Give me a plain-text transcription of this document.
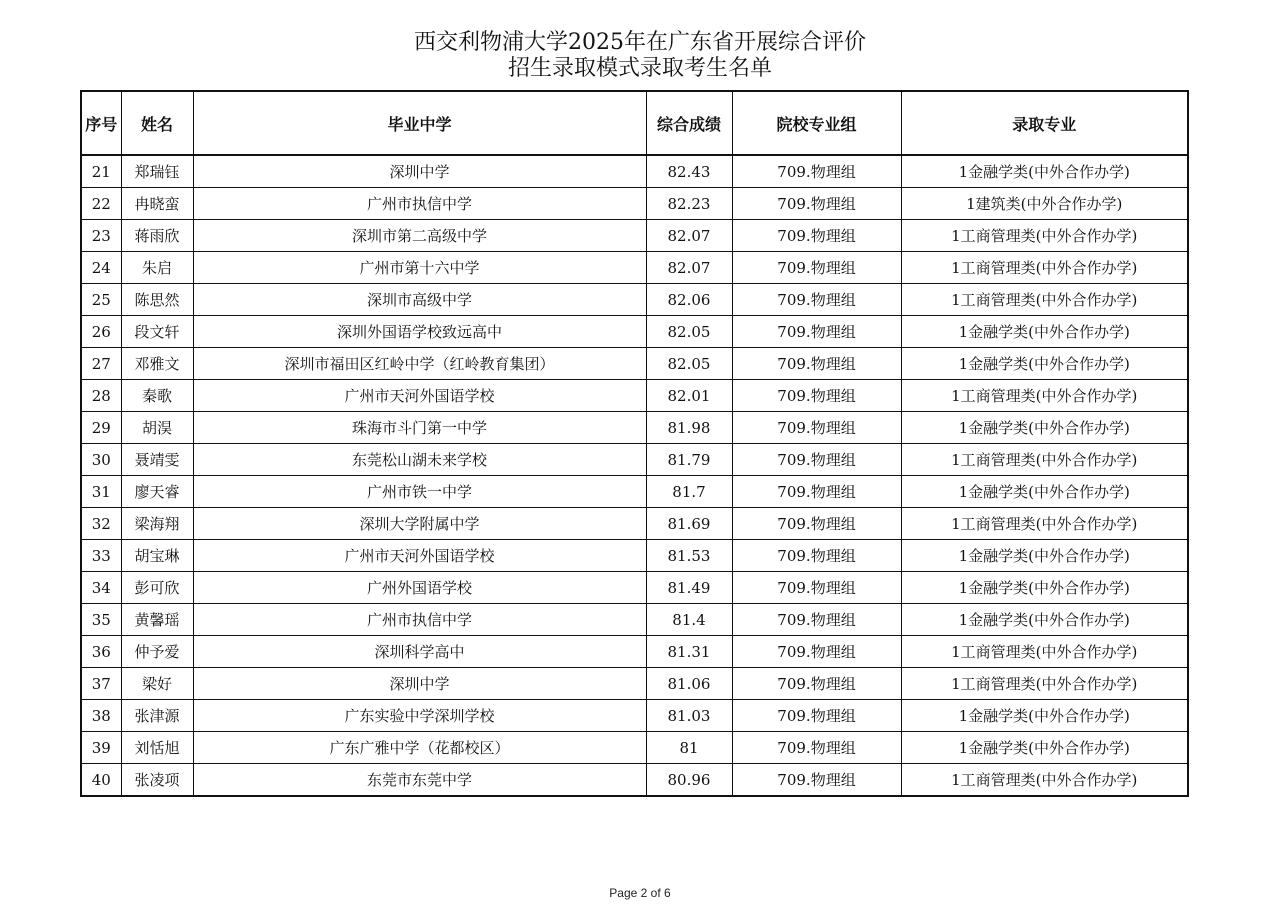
西交利物浦大学2025年在广东省开展综合评价
招生录取模式录取考生名单
序号	姓名	毕业中学	综合成绩	院校专业组	录取专业
21	郑瑞钰	深圳中学	82.43	709.物理组	1金融学类(中外合作办学)
22	冉晓蛮	广州市执信中学	82.23	709.物理组	1建筑类(中外合作办学)
23	蒋雨欣	深圳市第二高级中学	82.07	709.物理组	1工商管理类(中外合作办学)
24	朱启	广州市第十六中学	82.07	709.物理组	1工商管理类(中外合作办学)
25	陈思然	深圳市高级中学	82.06	709.物理组	1工商管理类(中外合作办学)
26	段文轩	深圳外国语学校致远高中	82.05	709.物理组	1金融学类(中外合作办学)
27	邓雅文	深圳市福田区红岭中学（红岭教育集团）	82.05	709.物理组	1金融学类(中外合作办学)
28	秦歌	广州市天河外国语学校	82.01	709.物理组	1工商管理类(中外合作办学)
29	胡淏	珠海市斗门第一中学	81.98	709.物理组	1金融学类(中外合作办学)
30	聂靖雯	东莞松山湖未来学校	81.79	709.物理组	1工商管理类(中外合作办学)
31	廖天睿	广州市铁一中学	81.7	709.物理组	1金融学类(中外合作办学)
32	梁海翔	深圳大学附属中学	81.69	709.物理组	1工商管理类(中外合作办学)
33	胡宝琳	广州市天河外国语学校	81.53	709.物理组	1金融学类(中外合作办学)
34	彭可欣	广州外国语学校	81.49	709.物理组	1金融学类(中外合作办学)
35	黄馨瑶	广州市执信中学	81.4	709.物理组	1金融学类(中外合作办学)
36	仲予爱	深圳科学高中	81.31	709.物理组	1工商管理类(中外合作办学)
37	梁好	深圳中学	81.06	709.物理组	1工商管理类(中外合作办学)
38	张津源	广东实验中学深圳学校	81.03	709.物理组	1金融学类(中外合作办学)
39	刘恬旭	广东广雅中学（花都校区）	81	709.物理组	1金融学类(中外合作办学)
40	张凌项	东莞市东莞中学	80.96	709.物理组	1工商管理类(中外合作办学)
Page 2 of 6
